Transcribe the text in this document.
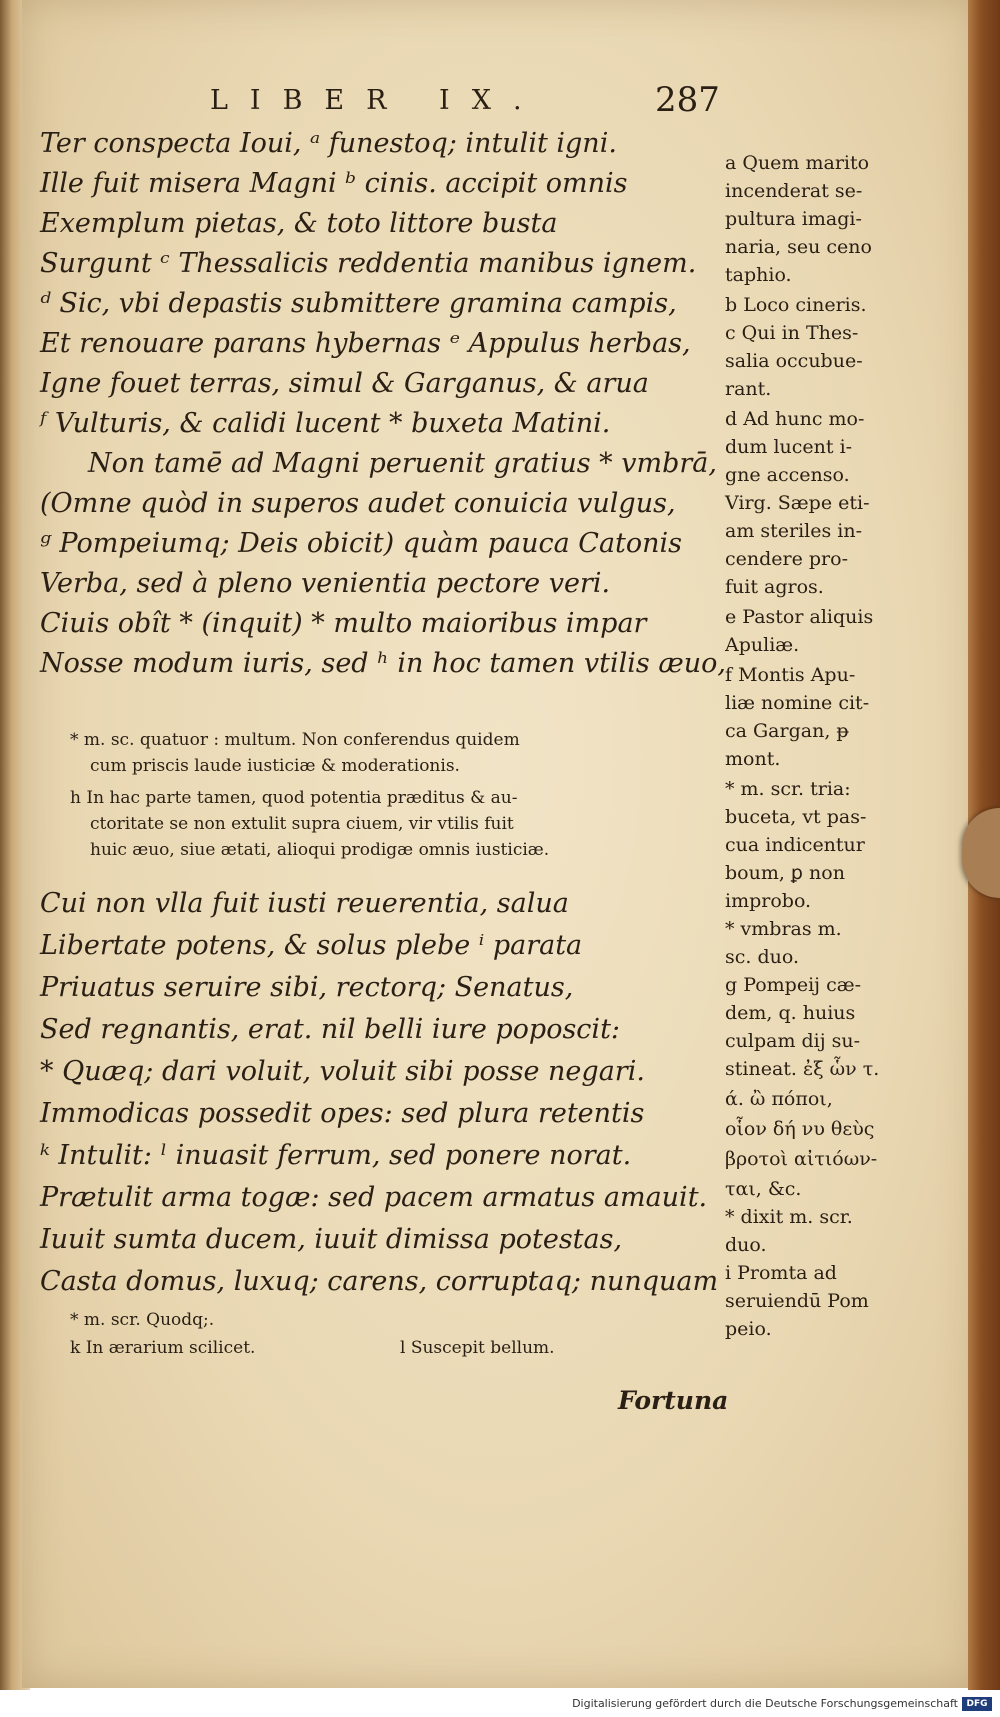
LIBER IX.	287
Ter conspecta Ioui, ᵃ funestoq; intulit igni.
Ille fuit misera Magni ᵇ cinis. accipit omnis
Exemplum pietas, & toto littore busta
Surgunt ᶜ Thessalicis reddentia manibus ignem.
ᵈ Sic, vbi depastis submittere gramina campis,
Et renouare parans hybernas ᵉ Appulus herbas,
Igne fouet terras, simul & Garganus, & arua
ᶠ Vulturis, & calidi lucent * buxeta Matini.
Non tamē ad Magni peruenit gratius * vmbrā,
(Omne quòd in superos audet conuicia vulgus,
ᵍ Pompeiumq; Deis obicit) quàm pauca Catonis
Verba, sed à pleno venientia pectore veri.
Ciuis obît * (inquit) * multo maioribus impar
Nosse modum iuris, sed ʰ in hoc tamen vtilis æuo,
* m. sc. quatuor : multum. Non conferendus quidem
cum priscis laude iusticiæ & moderationis.
h In hac parte tamen, quod potentia præditus & au-
ctoritate se non extulit supra ciuem, vir vtilis fuit
huic æuo, siue ætati, alioqui prodigæ omnis iusticiæ.
Cui non vlla fuit iusti reuerentia, salua
Libertate potens, & solus plebe ⁱ parata
Priuatus seruire sibi, rectorq; Senatus,
Sed regnantis, erat. nil belli iure poposcit:
* Quæq; dari voluit, voluit sibi posse negari.
Immodicas possedit opes: sed plura retentis
ᵏ Intulit: ˡ inuasit ferrum, sed ponere norat.
Prætulit arma togæ: sed pacem armatus amauit.
Iuuit sumta ducem, iuuit dimissa potestas,
Casta domus, luxuq; carens, corruptaq; nunquam
* m. scr. Quodq;.
k In ærarium scilicet.	l Suscepit bellum.
Fortuna
a Quem marito
incenderat se-
pultura imagi-
naria, seu ceno
taphio.
b Loco cineris.
c Qui in Thes-
salia occubue-
rant.
d Ad hunc mo-
dum lucent i-
gne accenso.
Virg. Sæpe eti-
am steriles in-
cendere pro-
fuit agros.
e Pastor aliquis
Apuliæ.
f Montis Apu-
liæ nomine cit-
ca Gargan, ᵽ
mont.
* m. scr. tria:
buceta, vt pas-
cua indicentur
boum, ꝑ non
improbo.
* vmbras m.
sc. duo.
g Pompeij cæ-
dem, q. huius
culpam dij su-
stineat. ἐξ ὧν τ.
ά. ὢ πόποι,
οἷον δή νυ θεὺς
βροτοὶ αἰτιόων-
ται, &c.
* dixit m. scr.
duo.
i Promta ad
seruiendū Pom
peio.
Digitalisierung gefördert durch die Deutsche Forschungsgemeinschaft DFG
